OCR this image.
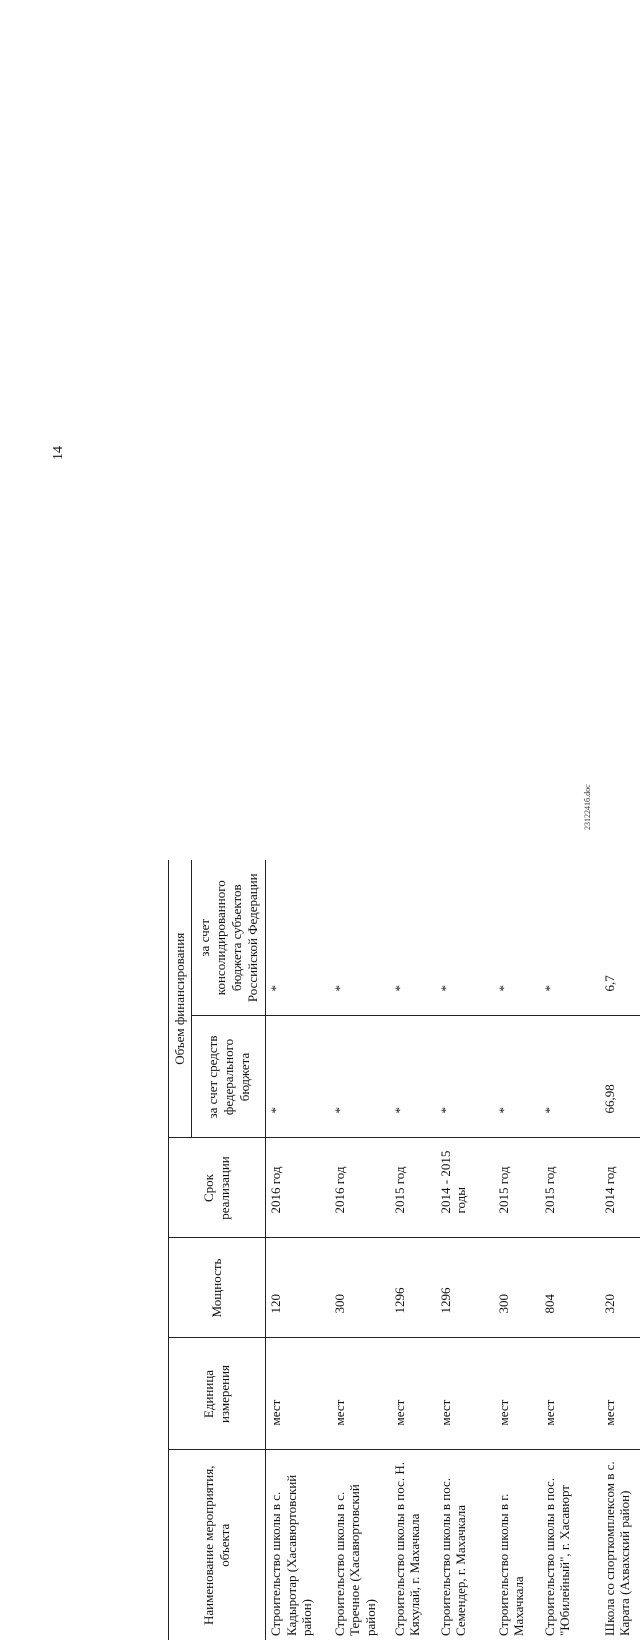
14
Наименование мероприятия, объекта	Единица измерения	Мощность	Срок реализации	Объем финансирования	
				за счет средств федерального бюджета	за счет консолидированного бюджета субъектов Российской Федерации
Строительство школы в с. Кадыротар (Хасавюртовский район)	мест	120	2016 год	*	*
Строительство школы в с. Теречное (Хасавюртовский район)	мест	300	2016 год	*	*
Строительство школы в пос. Н. Кяхулай, г. Махачкала	мест	1296	2015 год	*	*
Строительство школы в пос. Семендер, г. Махачкала	мест	1296	2014 - 2015 годы	*	*
Строительство школы в г. Махачкала	мест	300	2015 год	*	*
Строительство школы в пос. "Юбилейный", г. Хасавюрт	мест	804	2015 год	*	*
Школа со спорткомплексом в с. Карата (Ахвахский район)	мест	320	2014 год	66,98	6,7
2312241б.doc
